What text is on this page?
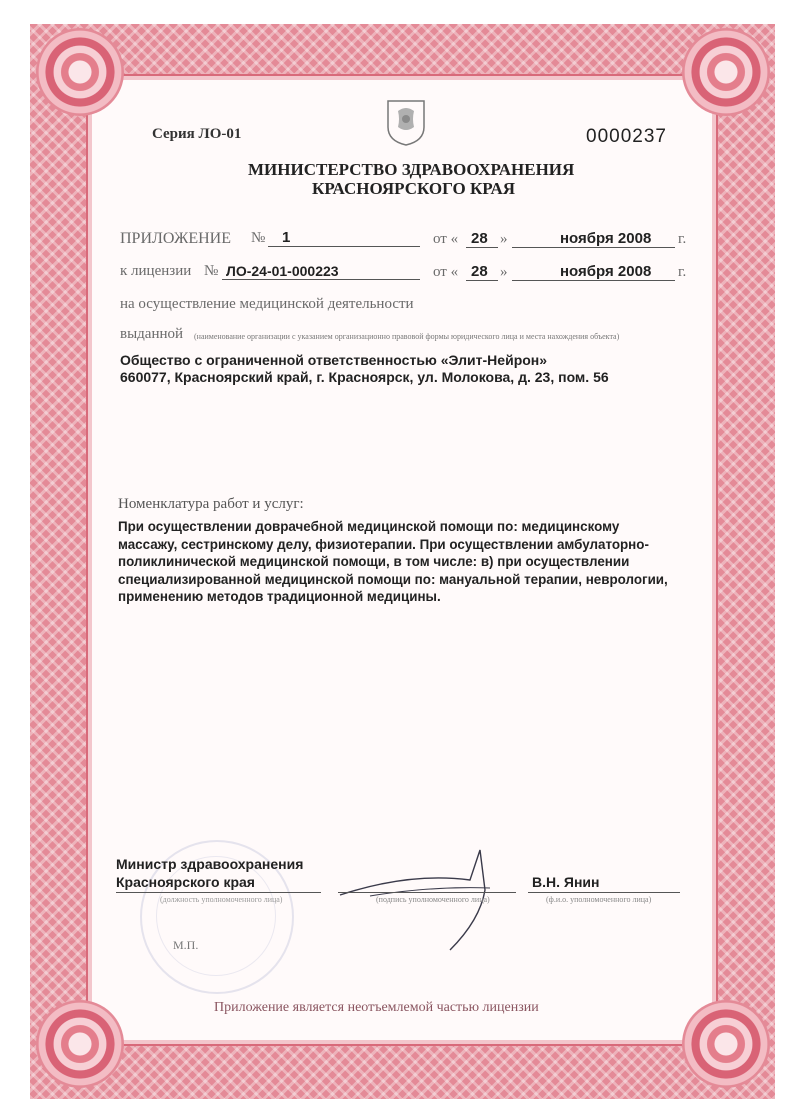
Серия ЛО-01	0000237
МИНИСТЕРСТВО ЗДРАВООХРАНЕНИЯ
КРАСНОЯРСКОГО КРАЯ
ПРИЛОЖЕНИЕ № 1	от « 28 »	ноября 2008 г.
к лицензии № ЛО-24-01-000223	от « 28 »	ноября 2008 г.
на осуществление медицинской деятельности
выданной (наименование организации с указанием организационно правовой формы юридического лица и места нахождения объекта)
Общество с ограниченной ответственностью «Элит-Нейрон»
660077, Красноярский край, г. Красноярск, ул. Молокова, д. 23, пом. 56
Номенклатура работ и услуг:
При осуществлении доврачебной медицинской помощи по: медицинскому
массажу, сестринскому делу, физиотерапии. При осуществлении амбулаторно-
поликлинической медицинской помощи, в том числе: в) при осуществлении
специализированной медицинской помощи по: мануальной терапии, неврологии,
применению методов традиционной медицины.
Министр здравоохранения
Красноярского края
(должность уполномоченного лица)	(подпись уполномоченного лица)
В.Н. Янин
(ф.и.о. уполномоченного лица)
М.П.
Приложение является неотъемлемой частью лицензии
